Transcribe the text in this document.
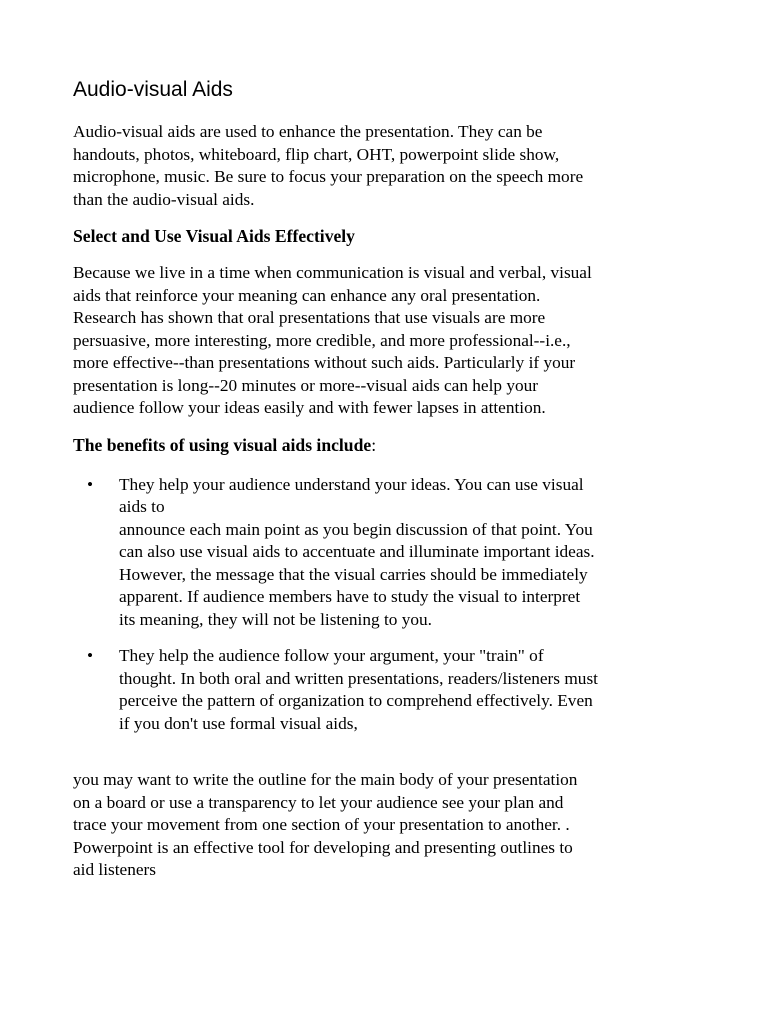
Audio-visual Aids

Audio-visual aids are used to enhance the presentation. They can be
handouts, photos, whiteboard, flip chart, OHT, powerpoint slide show,
microphone, music. Be sure to focus your preparation on the speech more
than the audio-visual aids.

Select and Use Visual Aids Effectively

Because we live in a time when communication is visual and verbal, visual
aids that reinforce your meaning can enhance any oral presentation.
Research has shown that oral presentations that use visuals are more
persuasive, more interesting, more credible, and more professional--i.e.,
more effective--than presentations without such aids. Particularly if your
presentation is long--20 minutes or more--visual aids can help your
audience follow your ideas easily and with fewer lapses in attention.

The benefits of using visual aids include:

• They help your audience understand your ideas. You can use visual
aids to
announce each main point as you begin discussion of that point. You
can also use visual aids to accentuate and illuminate important ideas.
However, the message that the visual carries should be immediately
apparent. If audience members have to study the visual to interpret
its meaning, they will not be listening to you.
• They help the audience follow your argument, your "train" of
thought. In both oral and written presentations, readers/listeners must
perceive the pattern of organization to comprehend effectively. Even
if you don't use formal visual aids,

you may want to write the outline for the main body of your presentation
on a board or use a transparency to let your audience see your plan and
trace your movement from one section of your presentation to another. .
Powerpoint is an effective tool for developing and presenting outlines to
aid listeners
